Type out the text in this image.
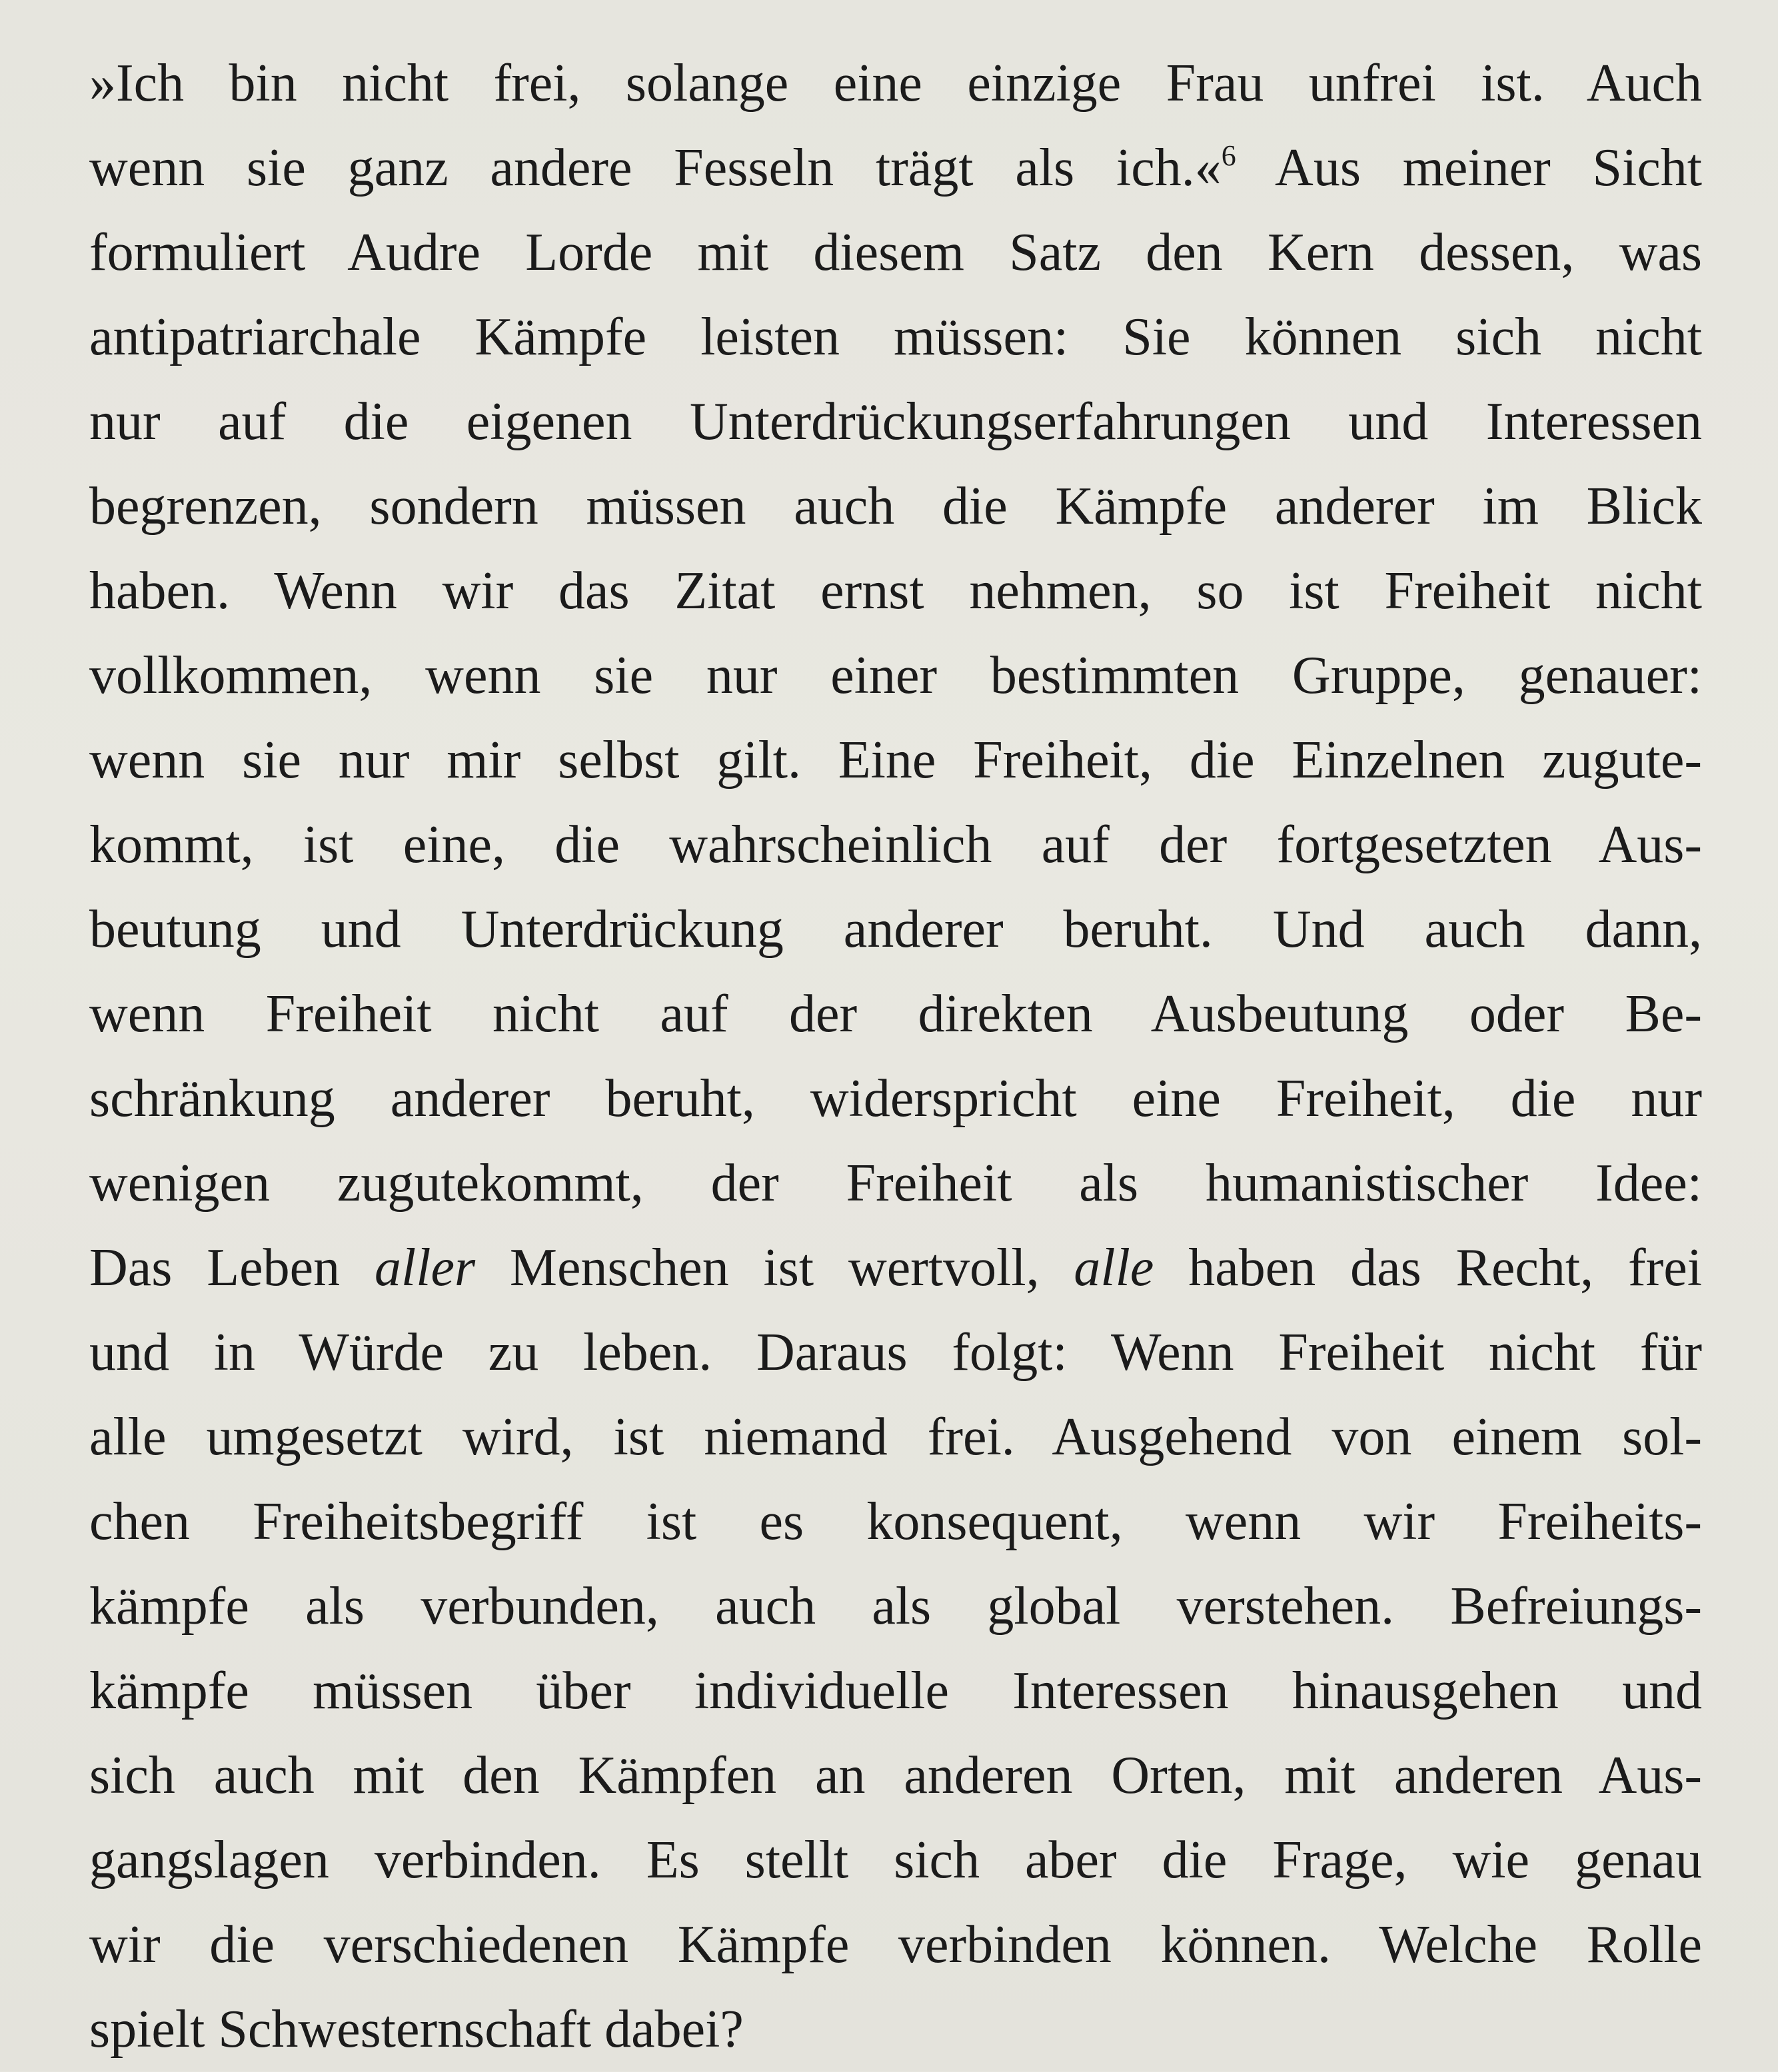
»Ich bin nicht frei, solange eine einzige Frau unfrei ist. Auch
wenn sie ganz andere Fesseln trägt als ich.«$^6$ Aus meiner Sicht
formuliert Audre Lorde mit diesem Satz den Kern dessen, was
antipatriarchale Kämpfe leisten müssen: Sie können sich nicht
nur auf die eigenen Unterdrückungserfahrungen und Interessen
begrenzen, sondern müssen auch die Kämpfe anderer im Blick
haben. Wenn wir das Zitat ernst nehmen, so ist Freiheit nicht
vollkommen, wenn sie nur einer bestimmten Gruppe, genauer:
wenn sie nur mir selbst gilt. Eine Freiheit, die Einzelnen zugute-
kommt, ist eine, die wahrscheinlich auf der fortgesetzten Aus-
beutung und Unterdrückung anderer beruht. Und auch dann,
wenn Freiheit nicht auf der direkten Ausbeutung oder Be-
schränkung anderer beruht, widerspricht eine Freiheit, die nur
wenigen zugutekommt, der Freiheit als humanistischer Idee:
Das Leben aller Menschen ist wertvoll, alle haben das Recht, frei
und in Würde zu leben. Daraus folgt: Wenn Freiheit nicht für
alle umgesetzt wird, ist niemand frei. Ausgehend von einem sol-
chen Freiheitsbegriff ist es konsequent, wenn wir Freiheits-
kämpfe als verbunden, auch als global verstehen. Befreiungs-
kämpfe müssen über individuelle Interessen hinausgehen und
sich auch mit den Kämpfen an anderen Orten, mit anderen Aus-
gangslagen verbinden. Es stellt sich aber die Frage, wie genau
wir die verschiedenen Kämpfe verbinden können. Welche Rolle
spielt Schwesternschaft dabei?
